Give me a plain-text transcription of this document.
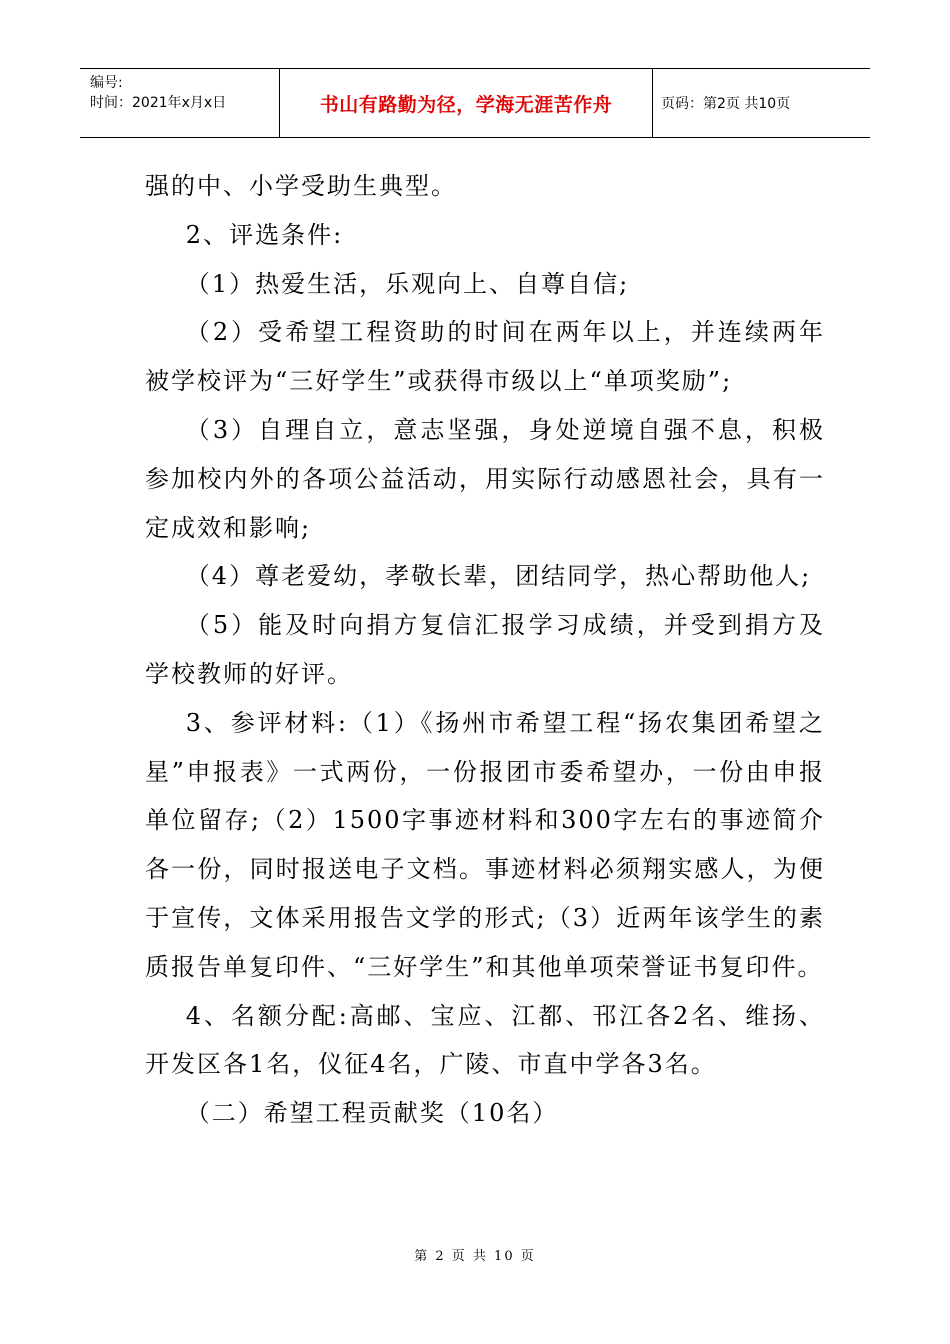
编号:
时间：2021年x月x日	书山有路勤为径，学海无涯苦作舟	页码：第2页 共10页

强的中、小学受助生典型。

2、评选条件:

（1）热爱生活，乐观向上、自尊自信;

（2）受希望工程资助的时间在两年以上，并连续两年被学校评为“三好学生”或获得市级以上“单项奖励”;

（3）自理自立，意志坚强，身处逆境自强不息，积极参加校内外的各项公益活动，用实际行动感恩社会，具有一定成效和影响;

（4）尊老爱幼，孝敬长辈，团结同学，热心帮助他人;

（5）能及时向捐方复信汇报学习成绩，并受到捐方及学校教师的好评。

3、参评材料:（1）《扬州市希望工程“扬农集团希望之星”申报表》一式两份，一份报团市委希望办，一份由申报单位留存;（2）1500字事迹材料和300字左右的事迹简介各一份，同时报送电子文档。事迹材料必须翔实感人，为便于宣传，文体采用报告文学的形式;（3）近两年该学生的素质报告单复印件、“三好学生”和其他单项荣誉证书复印件。

4、名额分配:高邮、宝应、江都、邗江各2名、维扬、开发区各1名，仪征4名，广陵、市直中学各3名。

（二）希望工程贡献奖（10名）

第 2 页 共 10 页
